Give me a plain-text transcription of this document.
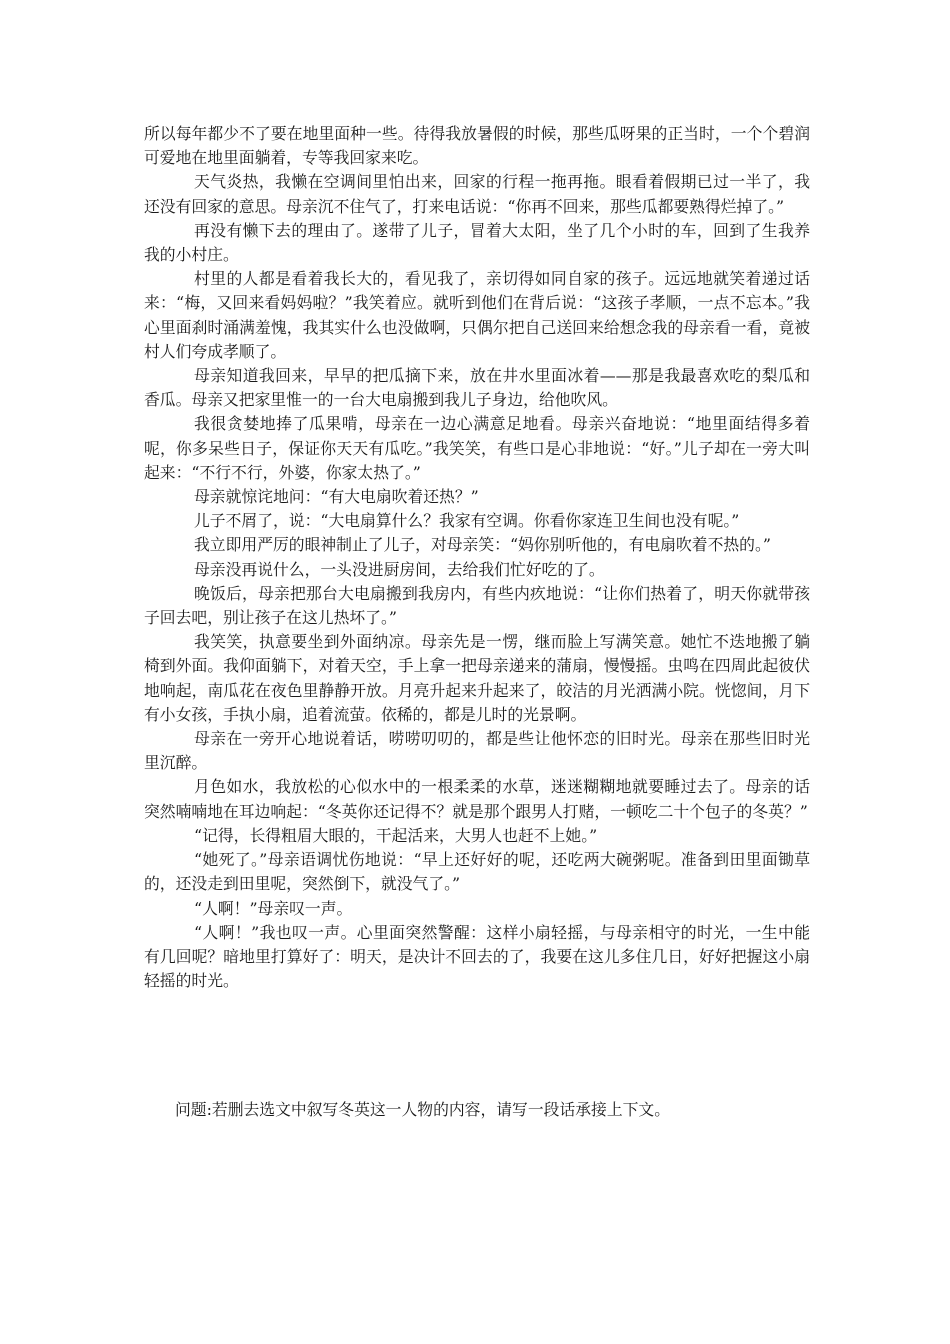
所以每年都少不了要在地里面种一些。待得我放暑假的时候，那些瓜呀果的正当时，一个个碧润可爱地在地里面躺着，专等我回家来吃。

天气炎热，我懒在空调间里怕出来，回家的行程一拖再拖。眼看着假期已过一半了，我还没有回家的意思。母亲沉不住气了，打来电话说：“你再不回来，那些瓜都要熟得烂掉了。”

再没有懒下去的理由了。遂带了儿子，冒着大太阳，坐了几个小时的车，回到了生我养我的小村庄。

村里的人都是看着我长大的，看见我了，亲切得如同自家的孩子。远远地就笑着递过话来：“梅，又回来看妈妈啦？”我笑着应。就听到他们在背后说：“这孩子孝顺，一点不忘本。”我心里面刹时涌满羞愧，我其实什么也没做啊，只偶尔把自己送回来给想念我的母亲看一看，竟被村人们夸成孝顺了。

母亲知道我回来，早早的把瓜摘下来，放在井水里面冰着——那是我最喜欢吃的梨瓜和香瓜。母亲又把家里惟一的一台大电扇搬到我儿子身边，给他吹风。

我很贪婪地捧了瓜果啃，母亲在一边心满意足地看。母亲兴奋地说：“地里面结得多着呢，你多呆些日子，保证你天天有瓜吃。”我笑笑，有些口是心非地说：“好。”儿子却在一旁大叫起来：“不行不行，外婆，你家太热了。”

母亲就惊诧地问：“有大电扇吹着还热？”

儿子不屑了，说：“大电扇算什么？我家有空调。你看你家连卫生间也没有呢。”

我立即用严厉的眼神制止了儿子，对母亲笑：“妈你别听他的，有电扇吹着不热的。”

母亲没再说什么，一头没进厨房间，去给我们忙好吃的了。

晚饭后，母亲把那台大电扇搬到我房内，有些内疚地说：“让你们热着了，明天你就带孩子回去吧，别让孩子在这儿热坏了。”

我笑笑，执意要坐到外面纳凉。母亲先是一愣，继而脸上写满笑意。她忙不迭地搬了躺椅到外面。我仰面躺下，对着天空，手上拿一把母亲递来的蒲扇，慢慢摇。虫鸣在四周此起彼伏地响起，南瓜花在夜色里静静开放。月亮升起来升起来了，皎洁的月光洒满小院。恍惚间，月下有小女孩，手执小扇，追着流萤。依稀的，都是儿时的光景啊。

母亲在一旁开心地说着话，唠唠叨叨的，都是些让他怀恋的旧时光。母亲在那些旧时光里沉醉。

月色如水，我放松的心似水中的一根柔柔的水草，迷迷糊糊地就要睡过去了。母亲的话突然喃喃地在耳边响起：“冬英你还记得不？就是那个跟男人打赌，一顿吃二十个包子的冬英？”

“记得，长得粗眉大眼的，干起活来，大男人也赶不上她。”

“她死了。”母亲语调忧伤地说：“早上还好好的呢，还吃两大碗粥呢。准备到田里面锄草的，还没走到田里呢，突然倒下，就没气了。”

“人啊！”母亲叹一声。

“人啊！”我也叹一声。心里面突然警醒：这样小扇轻摇，与母亲相守的时光，一生中能有几回呢？暗地里打算好了：明天，是决计不回去的了，我要在这儿多住几日，好好把握这小扇轻摇的时光。

问题:若删去选文中叙写冬英这一人物的内容，请写一段话承接上下文。
